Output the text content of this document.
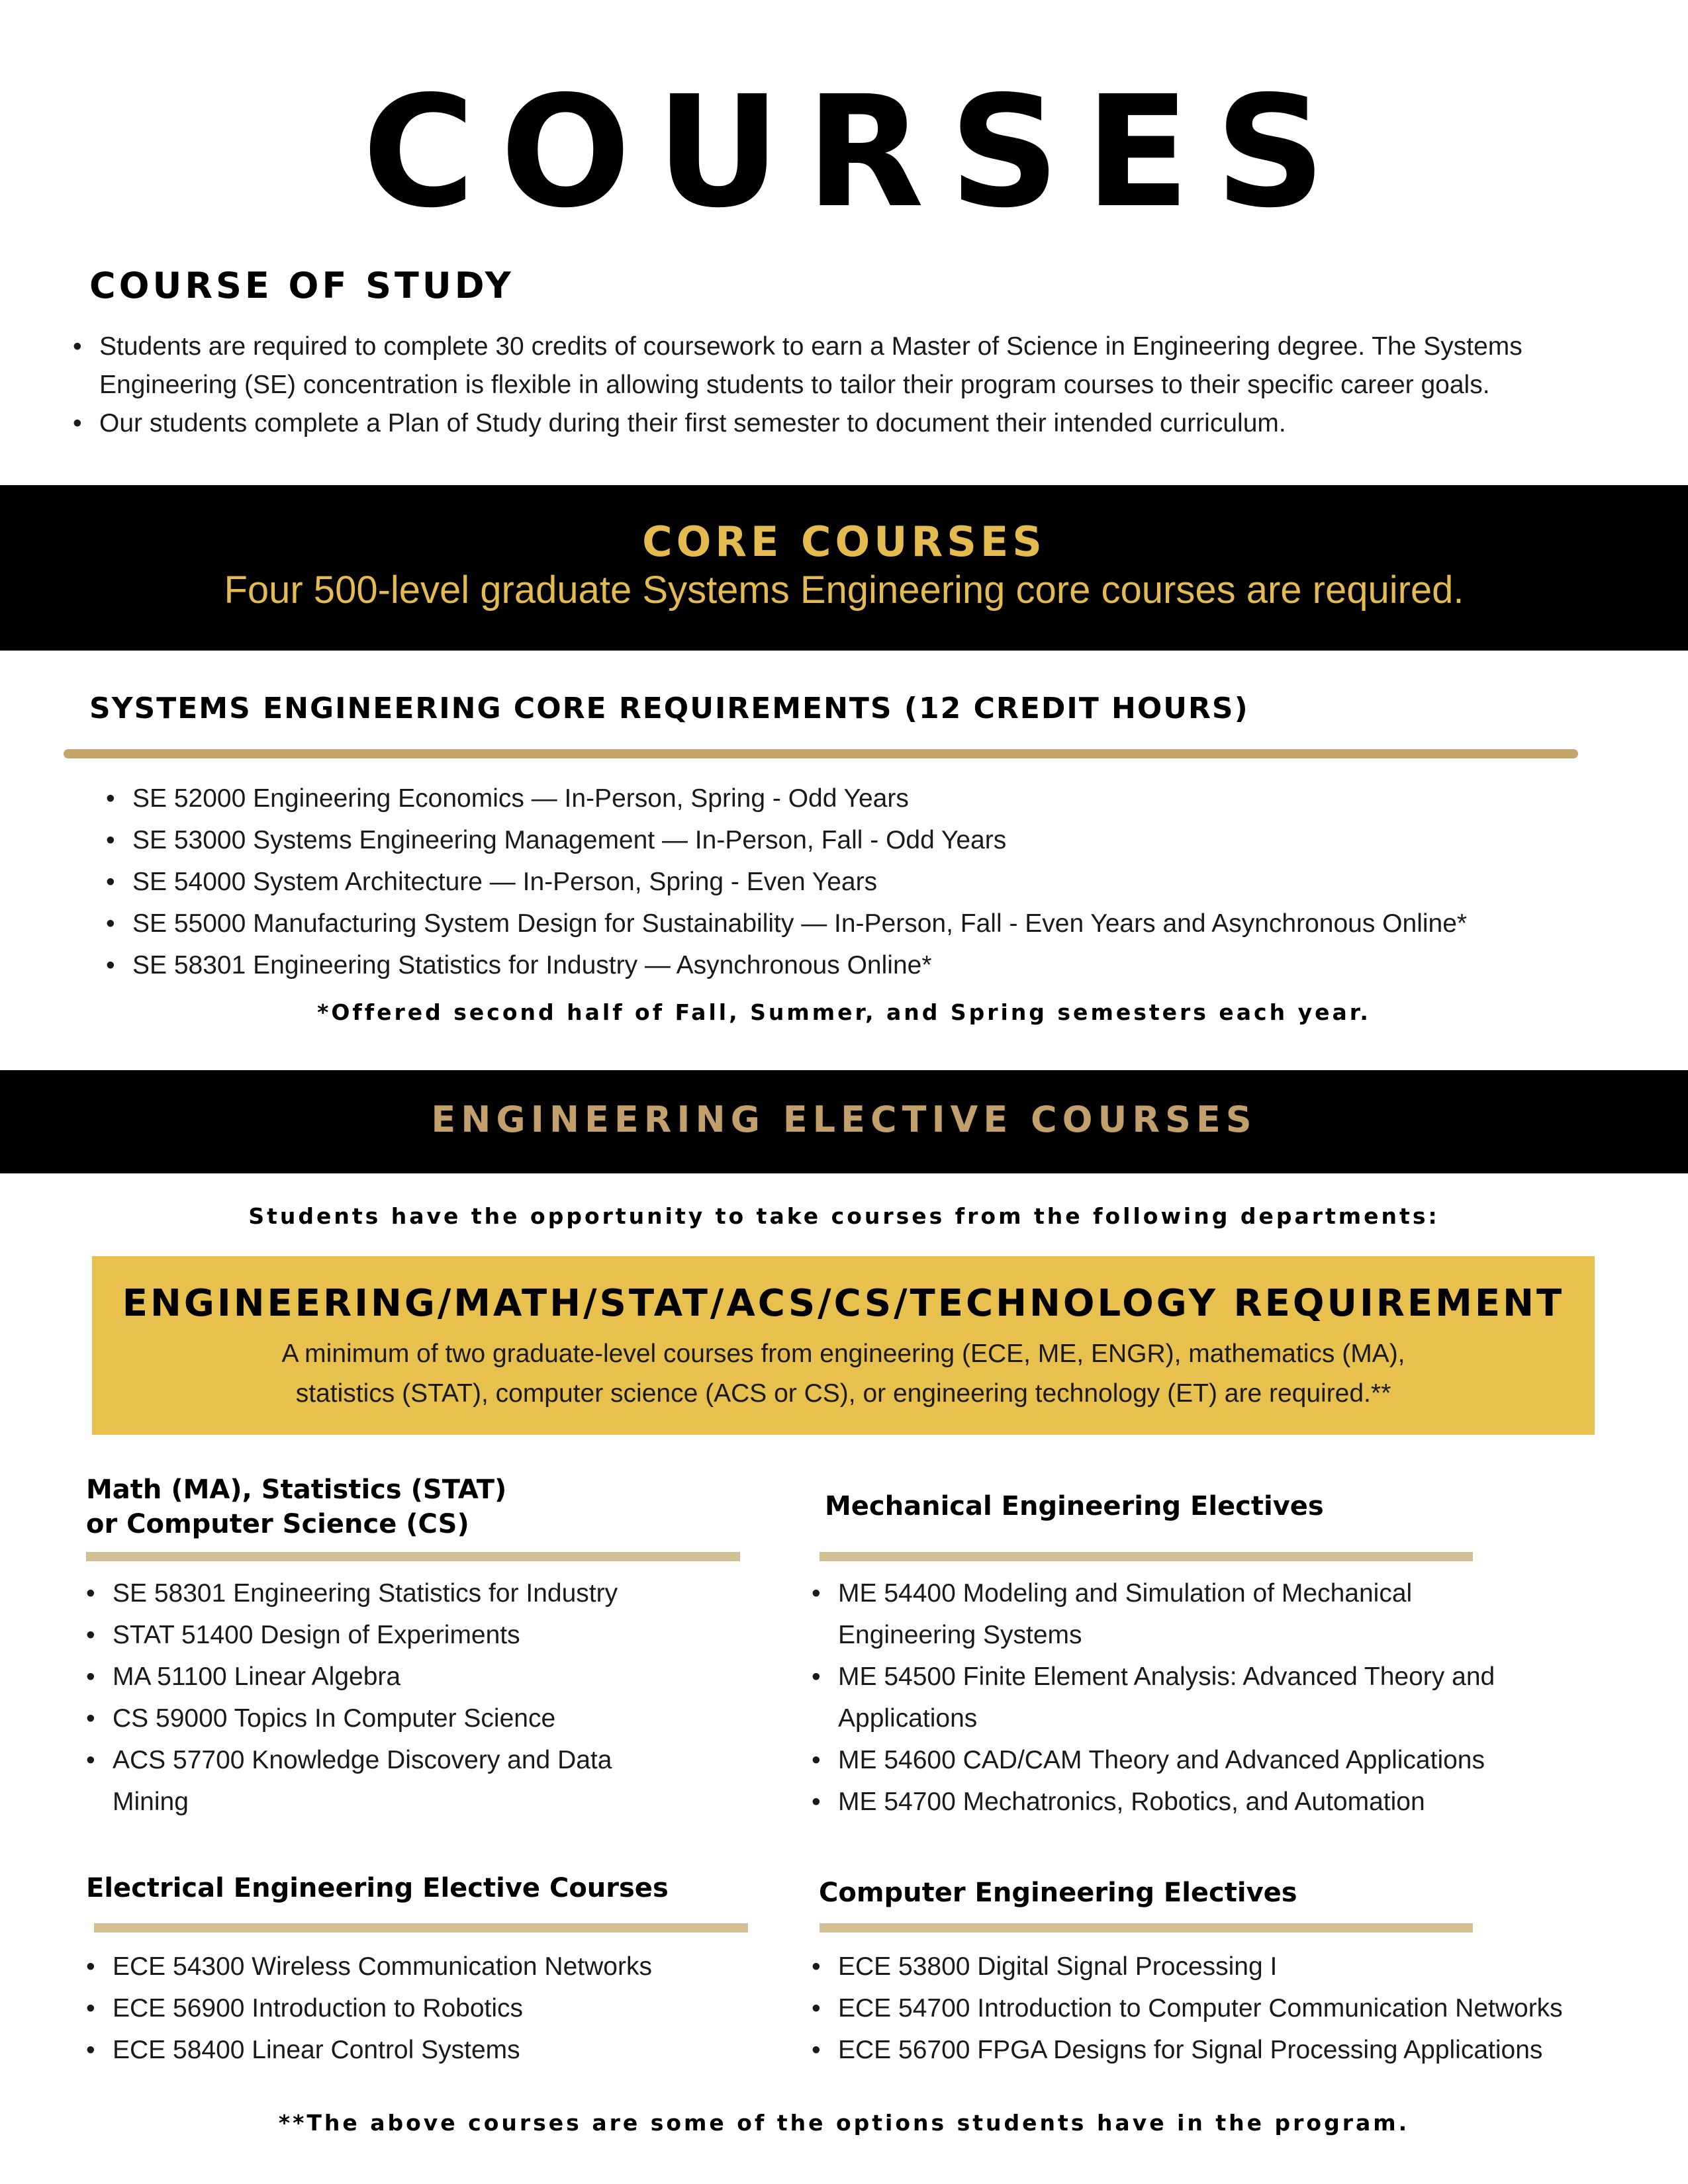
COURSES
COURSE OF STUDY
• Students are required to complete 30 credits of coursework to earn a Master of Science in Engineering degree. The Systems Engineering (SE) concentration is flexible in allowing students to tailor their program courses to their specific career goals.
• Our students complete a Plan of Study during their first semester to document their intended curriculum.
CORE COURSES
Four 500-level graduate Systems Engineering core courses are required.
SYSTEMS ENGINEERING CORE REQUIREMENTS (12 CREDIT HOURS)
• SE 52000 Engineering Economics — In-Person, Spring - Odd Years
• SE 53000 Systems Engineering Management — In-Person, Fall - Odd Years
• SE 54000 System Architecture — In-Person, Spring - Even Years
• SE 55000 Manufacturing System Design for Sustainability — In-Person, Fall - Even Years and Asynchronous Online*
• SE 58301 Engineering Statistics for Industry — Asynchronous Online*
*Offered second half of Fall, Summer, and Spring semesters each year.
ENGINEERING ELECTIVE COURSES
Students have the opportunity to take courses from the following departments:
ENGINEERING/MATH/STAT/ACS/CS/TECHNOLOGY REQUIREMENT
A minimum of two graduate-level courses from engineering (ECE, ME, ENGR), mathematics (MA),
statistics (STAT), computer science (ACS or CS), or engineering technology (ET) are required.**
Math (MA), Statistics (STAT)
or Computer Science (CS)
• SE 58301 Engineering Statistics for Industry
• STAT 51400 Design of Experiments
• MA 51100 Linear Algebra
• CS 59000 Topics In Computer Science
• ACS 57700 Knowledge Discovery and Data Mining
Mechanical Engineering Electives
• ME 54400 Modeling and Simulation of Mechanical Engineering Systems
• ME 54500 Finite Element Analysis: Advanced Theory and Applications
• ME 54600 CAD/CAM Theory and Advanced Applications
• ME 54700 Mechatronics, Robotics, and Automation
Electrical Engineering Elective Courses
• ECE 54300 Wireless Communication Networks
• ECE 56900 Introduction to Robotics
• ECE 58400 Linear Control Systems
Computer Engineering Electives
• ECE 53800 Digital Signal Processing I
• ECE 54700 Introduction to Computer Communication Networks
• ECE 56700 FPGA Designs for Signal Processing Applications
**The above courses are some of the options students have in the program.
